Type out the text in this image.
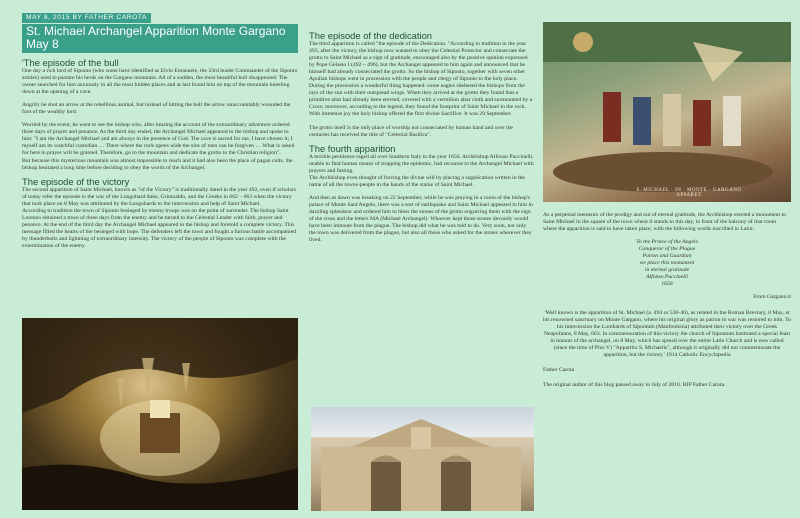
MAY 8, 2015 BY FATHER CAROTA
St. Michael Archangel Apparition Monte Gargano
May 8
'The episode of the bull

One day a rich lord of Siponto (who some have identified as Elvio Emanuele, the 33rd leader Commander of the Siponto armies) used to pasture his herds on the Gargano mountain. All of a sudden, the most beautiful bull disappeared. The owner searched for him anxiously in all the most hidden places and at last found him on top of the mountain kneeling down at the opening of a cave.

Angrily he shot an arrow at the rebellious animal, but instead of hitting the bull the arrow unaccountably wounded the foot of the wealthy lord.

Worried by the event, he went to see the bishop who, after hearing the account of the extraordinary adventure ordered three days of prayer and penance. As the third day ended, the Archangel Michael appeared to the bishop and spoke to him: "I am the Archangel Michael and am always in the presence of God. The cave is sacred for me, I have chosen it; I myself am its watchful custodian … There where the rock opens wide the sins of men can be forgiven … What is asked for here in prayer will be granted. Therefore, go to the mountain and dedicate the grotto to the Christian religion".

But because this mysterious mountain was almost impossible to reach and it had also been the place of pagan cults, the bishop hesitated a long time before deciding to obey the words of the Archangel.

The episode of the victory

The second apparition of Saint Michael, known as "of the Victory" is traditionally dated in the year 492, even if scholars of today refer the episode to the war of the Longobard duke, Grimoaldo, and the Greeks in 662 – 663 when the victory that took place on 8 May was attributed by the Longobards to the intercession and help of Saint Michael.

According to tradition the town of Siponto besieged by enemy troops was on the point of surrender. The bishop Saint Lorenzo obtained a truce of three days from the enemy and he turned to the Celestial Leader with faith, prayer and penance. At the end of the third day the Archangel Michael appeared to the bishop and foretold a complete victory. This message filled the hearts of the besieged with hope. The defenders left the town and fought a furious battle accompanied by thunderbolts and lightning of extraordinary intensity. The victory of the people of Siponto was complete with the extermination of the enemy.

The episode of the dedication

The third apparition is called "the episode of the Dedication. "According to tradition in the year 493, after the victory, the bishop now wanted to obey the Celestial Protector and consecrate the grotto to Saint Michael as a sign of gratitude, encouraged also by the positive opinion expressed by Pope Gelasio I (492 – 496), but the Archangel appeared to him again and announced that he himself had already consecrated the grotto. So the bishop of Siponto, together with seven other Apulian bishops went in procession with the people and clergy of Siponto to the holy place. During the procession a wonderful thing happened: some eagles sheltered the bishops from the rays of the sun with their outspread wings. When they arrived at the grotto they found that a primitive altar had already been erected, covered with a vermilion altar cloth and surmounted by a Cross; moreover, according to the legend, they found the footprint of Saint Michael in the rock. With immense joy the holy bishop offered the first divine Sacrifice. It was 29 September.

The grotto itself is the only place of worship not consecrated by human hand and over the centuries has received the title of "Celestial Basilica".

The fourth apparition

A terrible pestilence raged all over Southern Italy in the year 1656. Archbishop Alfonso Puccinelli, unable to find human means of stopping the epidemic, had recourse to the Archangel Michael with prayers and fasting.

The Archbishop even thought of forcing the divine will by placing a supplication written in the name of all the towns-people in the hands of the statue of Saint Michael.

And then as dawn was breaking on 22 September, while he was praying in a room of the bishop's palace of Monte Sant'Angelo, there was a sort of earthquake and Saint Michael appeared to him in dazzling splendour and ordered him to bless the stones of the grotto engraving them with the sign of the cross and the letters MA (Michael Archangel). Whoever kept those stones devoutly would have been immune from the plague. The bishop did what he was told to do. Very soon, not only the town was delivered from the plague, but also all those who asked for the stones wherever they lived.

S. MICHAEL · IN · MONTE · GARGANO APPARET

As a perpetual memento of the prodigy and out of eternal gratitude, the Archbishop erected a monument to Saint Michael in the square of the town where it stands to this day, in front of the balcony of that room where the apparition is said to have taken place, with the following words inscribed in Latin:

To the Prince of the Angels

Conqueror of the Plague

Patron and Guardian

we place this monument

in eternal gratitude

Alfonso Puccinelli

1656

From Gargano.it

'Well known is the apparition of St. Michael (a. 494 or 530-40), as related in the Roman Breviary, 8 May, at his renowned sanctuary on Monte Gargano, where his original glory as patron in war was restored to him. To his intercession the Lombards of Sipontum (Manfredonia) attributed their victory over the Greek Neapolitans, 8 May, 663. In commemoration of this victory the church of Sipontum instituted a special feast in honour of the archangel, on 8 May, which has spread over the entire Latin Church and is now called (since the time of Pius V) "Apparitio S. Michaelis", although it originally did not commemorate the apparition, but the victory.' 1914 Catholic Encyclopedia

Father Carota

The original author of this blog passed away in July of 2016. RIP Father Carota.
